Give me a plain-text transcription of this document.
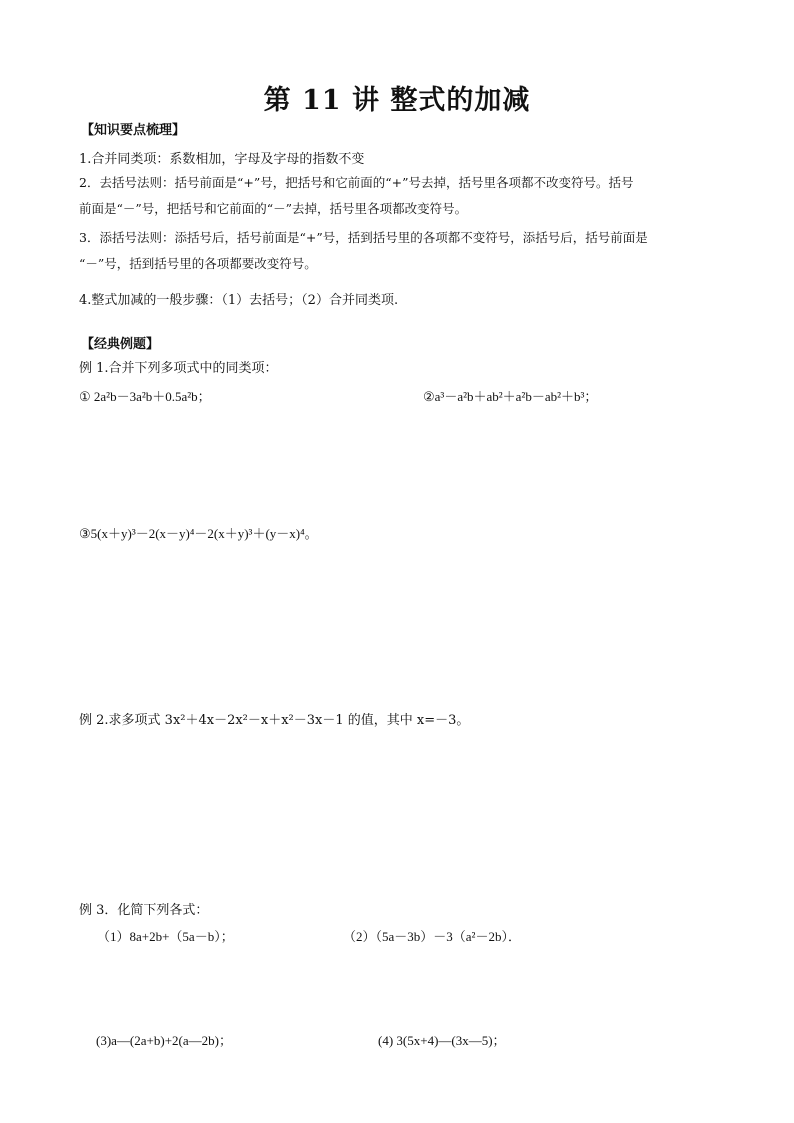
第 11 讲 整式的加减
【知识要点梳理】
1.合并同类项：系数相加，字母及字母的指数不变
2．去括号法则：括号前面是“+”号，把括号和它前面的“+”号去掉，括号里各项都不改变符号。括号
前面是“－”号，把括号和它前面的“－”去掉，括号里各项都改变符号。
3．添括号法则：添括号后，括号前面是“+”号，括到括号里的各项都不变符号，添括号后，括号前面是
“－”号，括到括号里的各项都要改变符号。
4.整式加减的一般步骤：（1）去括号；（2）合并同类项.
【经典例题】
例 1.合并下列多项式中的同类项：
① 2a²b－3a²b＋0.5a²b；	②a³－a²b＋ab²＋a²b－ab²＋b³；
③5(x＋y)³－2(x－y)⁴－2(x＋y)³＋(y－x)⁴。
例 2.求多项式 3x²＋4x－2x²－x＋x²－3x－1 的值，其中 x=－3。
例 3．化简下列各式：
（1）8a+2b+（5a－b）；	（2）（5a－3b）－3（a²－2b）．
(3)a—(2a+b)+2(a—2b)；	(4) 3(5x+4)—(3x—5)；
